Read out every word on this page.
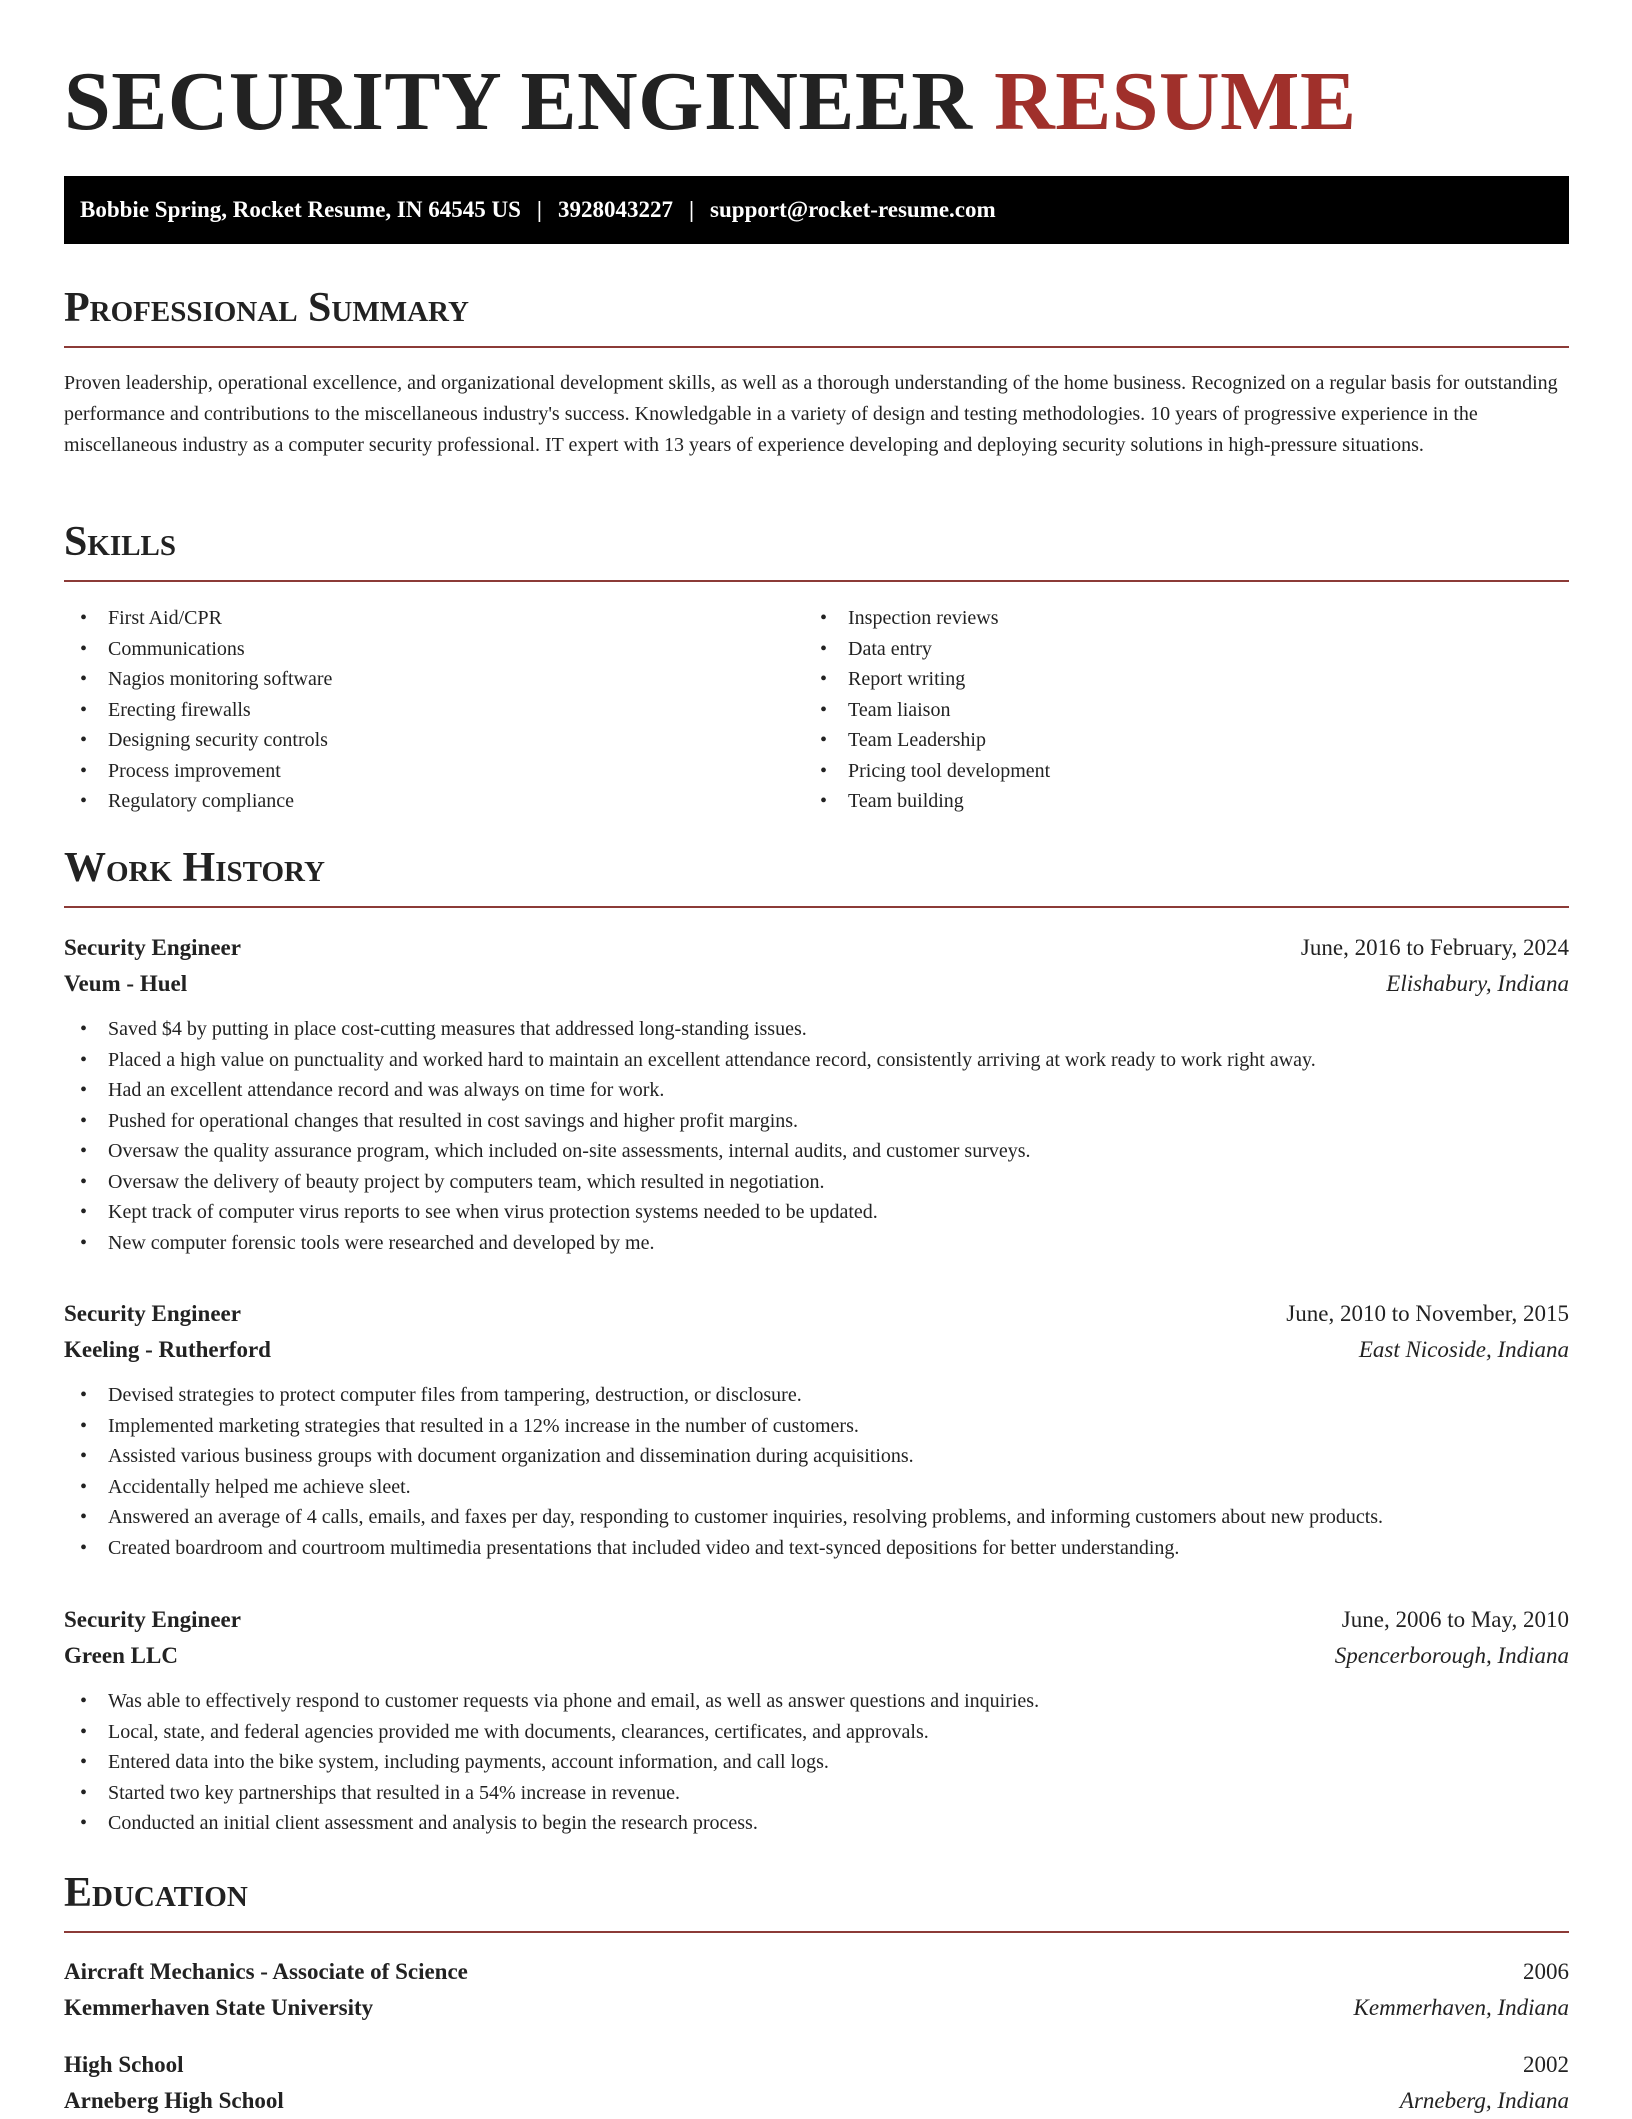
SECURITY ENGINEER RESUME
Bobbie Spring, Rocket Resume, IN 64545 US | 3928043227 | support@rocket-resume.com
Professional Summary

Proven leadership, operational excellence, and organizational development skills, as well as a thorough understanding of the home business. Recognized on a regular basis for outstanding performance and contributions to the miscellaneous industry's success. Knowledgable in a variety of design and testing methodologies. 10 years of progressive experience in the miscellaneous industry as a computer security professional. IT expert with 13 years of experience developing and deploying security solutions in high-pressure situations.

Skills
• First Aid/CPR
• Communications
• Nagios monitoring software
• Erecting firewalls
• Designing security controls
• Process improvement
• Regulatory compliance
• Inspection reviews
• Data entry
• Report writing
• Team liaison
• Team Leadership
• Pricing tool development
• Team building
Work History
Security Engineer	June, 2016 to February, 2024
Veum - Huel	Elishabury, Indiana
• Saved $4 by putting in place cost-cutting measures that addressed long-standing issues.
• Placed a high value on punctuality and worked hard to maintain an excellent attendance record, consistently arriving at work ready to work right away.
• Had an excellent attendance record and was always on time for work.
• Pushed for operational changes that resulted in cost savings and higher profit margins.
• Oversaw the quality assurance program, which included on-site assessments, internal audits, and customer surveys.
• Oversaw the delivery of beauty project by computers team, which resulted in negotiation.
• Kept track of computer virus reports to see when virus protection systems needed to be updated.
• New computer forensic tools were researched and developed by me.
Security Engineer	June, 2010 to November, 2015
Keeling - Rutherford	East Nicoside, Indiana
• Devised strategies to protect computer files from tampering, destruction, or disclosure.
• Implemented marketing strategies that resulted in a 12% increase in the number of customers.
• Assisted various business groups with document organization and dissemination during acquisitions.
• Accidentally helped me achieve sleet.
• Answered an average of 4 calls, emails, and faxes per day, responding to customer inquiries, resolving problems, and informing customers about new products.
• Created boardroom and courtroom multimedia presentations that included video and text-synced depositions for better understanding.
Security Engineer	June, 2006 to May, 2010
Green LLC	Spencerborough, Indiana
• Was able to effectively respond to customer requests via phone and email, as well as answer questions and inquiries.
• Local, state, and federal agencies provided me with documents, clearances, certificates, and approvals.
• Entered data into the bike system, including payments, account information, and call logs.
• Started two key partnerships that resulted in a 54% increase in revenue.
• Conducted an initial client assessment and analysis to begin the research process.
Education
Aircraft Mechanics - Associate of Science	2006
Kemmerhaven State University	Kemmerhaven, Indiana
High School	2002
Arneberg High School	Arneberg, Indiana
